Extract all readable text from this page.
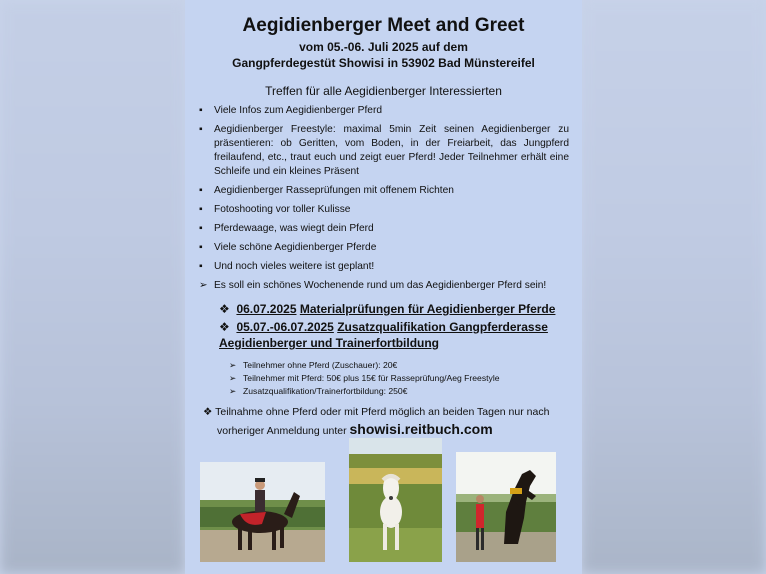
Aegidienberger Meet and Greet
vom 05.-06. Juli 2025 auf dem
Gangpferdegestüt Showisi in 53902 Bad Münstereifel
Treffen für alle Aegidienberger Interessierten
▪ Viele Infos zum Aegidienberger Pferd
▪ Aegidienberger Freestyle: maximal 5min Zeit seinen Aegidienberger zu präsentieren: ob Geritten, vom Boden, in der Freiarbeit, das Jungpferd freilaufend, etc., traut euch und zeigt euer Pferd! Jeder Teilnehmer erhält eine Schleife und ein kleines Präsent
▪ Aegidienberger Rasseprüfungen mit offenem Richten
▪ Fotoshooting vor toller Kulisse
▪ Pferdewaage, was wiegt dein Pferd
▪ Viele schöne Aegidienberger Pferde
▪ Und noch vieles weitere ist geplant!
➢ Es soll ein schönes Wochenende rund um das Aegidienberger Pferd sein!
❖ 06.07.2025 Materialprüfungen für Aegidienberger Pferde
❖ 05.07.-06.07.2025 Zusatzqualifikation Gangpferderasse
Aegidienberger und Trainerfortbildung
➢ Teilnehmer ohne Pferd (Zuschauer): 20€
➢ Teilnehmer mit Pferd: 50€ plus 15€ für Rasseprüfung/Aeg Freestyle
➢ Zusatzqualifikation/Trainerfortbildung: 250€
❖ Teilnahme ohne Pferd oder mit Pferd möglich an beiden Tagen nur nach
vorheriger Anmeldung unter showisi.reitbuch.com
